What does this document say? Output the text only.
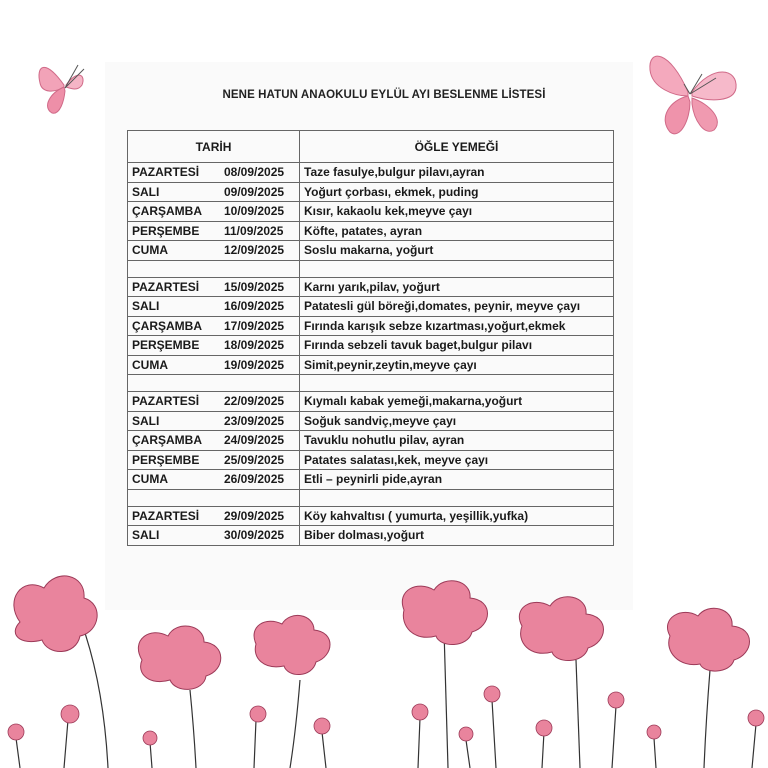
NENE HATUN ANAOKULU EYLÜL AYI BESLENME LİSTESİ
TARİH	ÖĞLE YEMEĞİ
PAZARTESİ 08/09/2025	Taze fasulye,bulgur pilavı,ayran
SALI 09/09/2025	Yoğurt çorbası, ekmek, puding
ÇARŞAMBA 10/09/2025	Kısır, kakaolu kek,meyve çayı
PERŞEMBE 11/09/2025	Köfte, patates, ayran
CUMA 12/09/2025	Soslu makarna, yoğurt

PAZARTESİ 15/09/2025	Karnı yarık,pilav, yoğurt
SALI 16/09/2025	Patatesli gül böreği,domates, peynir, meyve çayı
ÇARŞAMBA 17/09/2025	Fırında karışık sebze kızartması,yoğurt,ekmek
PERŞEMBE 18/09/2025	Fırında sebzeli tavuk baget,bulgur pilavı
CUMA 19/09/2025	Simit,peynir,zeytin,meyve çayı

PAZARTESİ 22/09/2025	Kıymalı kabak yemeği,makarna,yoğurt
SALI 23/09/2025	Soğuk sandviç,meyve çayı
ÇARŞAMBA 24/09/2025	Tavuklu nohutlu pilav, ayran
PERŞEMBE 25/09/2025	Patates salatası,kek, meyve çayı
CUMA 26/09/2025	Etli – peynirli pide,ayran

PAZARTESİ 29/09/2025	Köy kahvaltısı ( yumurta, yeşillik,yufka)
SALI 30/09/2025	Biber dolması,yoğurt
